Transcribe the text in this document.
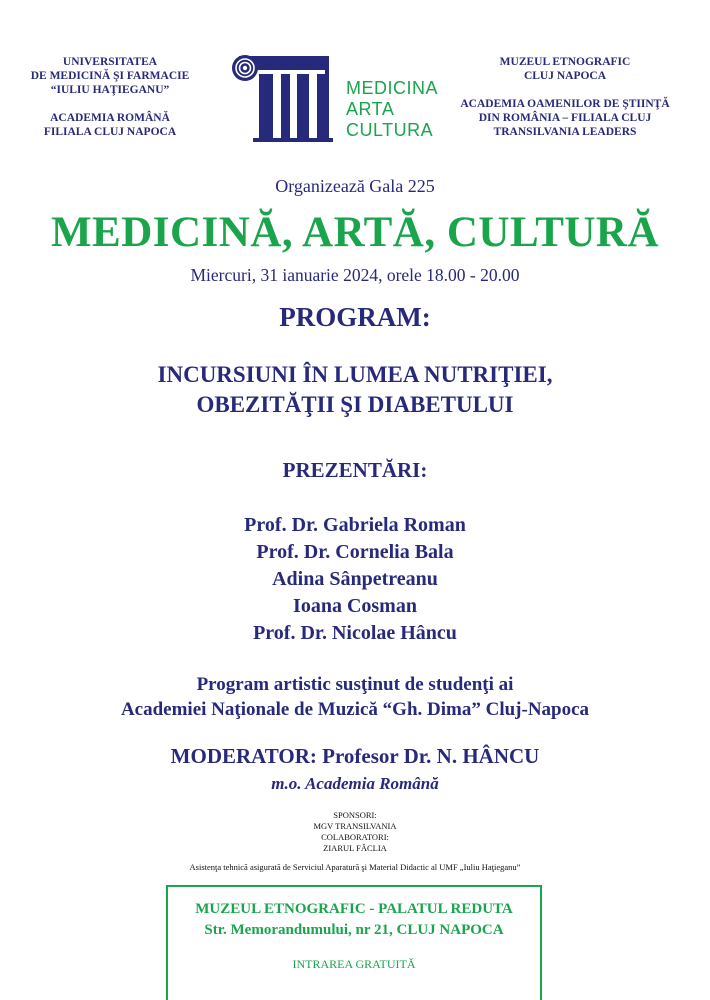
UNIVERSITATEA
DE MEDICINĂ ŞI FARMACIE
“IULIU HAŢIEGANU”
ACADEMIA ROMÂNĂ
FILIALA CLUJ NAPOCA
MEDICINA
ARTA
CULTURA
MUZEUL ETNOGRAFIC
CLUJ NAPOCA
ACADEMIA OAMENILOR DE ŞTIINŢĂ
DIN ROMÂNIA – FILIALA CLUJ
TRANSILVANIA LEADERS
Organizează Gala 225
MEDICINĂ, ARTĂ, CULTURĂ
Miercuri, 31 ianuarie 2024, orele 18.00 - 20.00
PROGRAM:
INCURSIUNI ÎN LUMEA NUTRIŢIEI,
OBEZITĂŢII ŞI DIABETULUI
PREZENTĂRI:
Prof. Dr. Gabriela Roman
Prof. Dr. Cornelia Bala
Adina Sânpetreanu
Ioana Cosman
Prof. Dr. Nicolae Hâncu
Program artistic susţinut de studenţi ai
Academiei Naţionale de Muzică “Gh. Dima” Cluj-Napoca
MODERATOR: Profesor Dr. N. HÂNCU
m.o. Academia Română
SPONSORI:
MGV TRANSILVANIA
COLABORATORI:
ZIARUL FĂCLIA
Asistenţa tehnică asigurată de Serviciul Aparatură şi Material Didactic al UMF „Iuliu Haţieganu”
MUZEUL ETNOGRAFIC - PALATUL REDUTA
Str. Memorandumului, nr 21, CLUJ NAPOCA
INTRAREA GRATUITĂ
